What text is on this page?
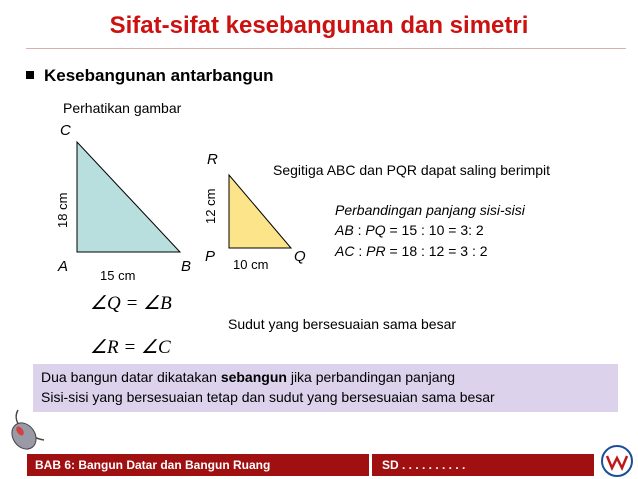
Sifat-sifat kesebangunan dan simetri
Kesebangunan antarbangun
Perhatikan gambar
C
A	B
18 cm
15 cm
R
P	Q
12 cm
10 cm
Segitiga ABC dan PQR dapat saling berimpit
Perbandingan panjang sisi-sisi
AB : PQ = 15 : 10 = 3: 2
AC : PR = 18 : 12 = 3 : 2
∠Q = ∠B
∠R = ∠C
Sudut yang bersesuaian sama besar
Dua bangun datar dikatakan sebangun jika perbandingan panjang
Sisi-sisi yang bersesuaian tetap dan sudut yang bersesuaian sama besar
BAB 6: Bangun Datar dan Bangun Ruang	SD . . . . . . . . . .
